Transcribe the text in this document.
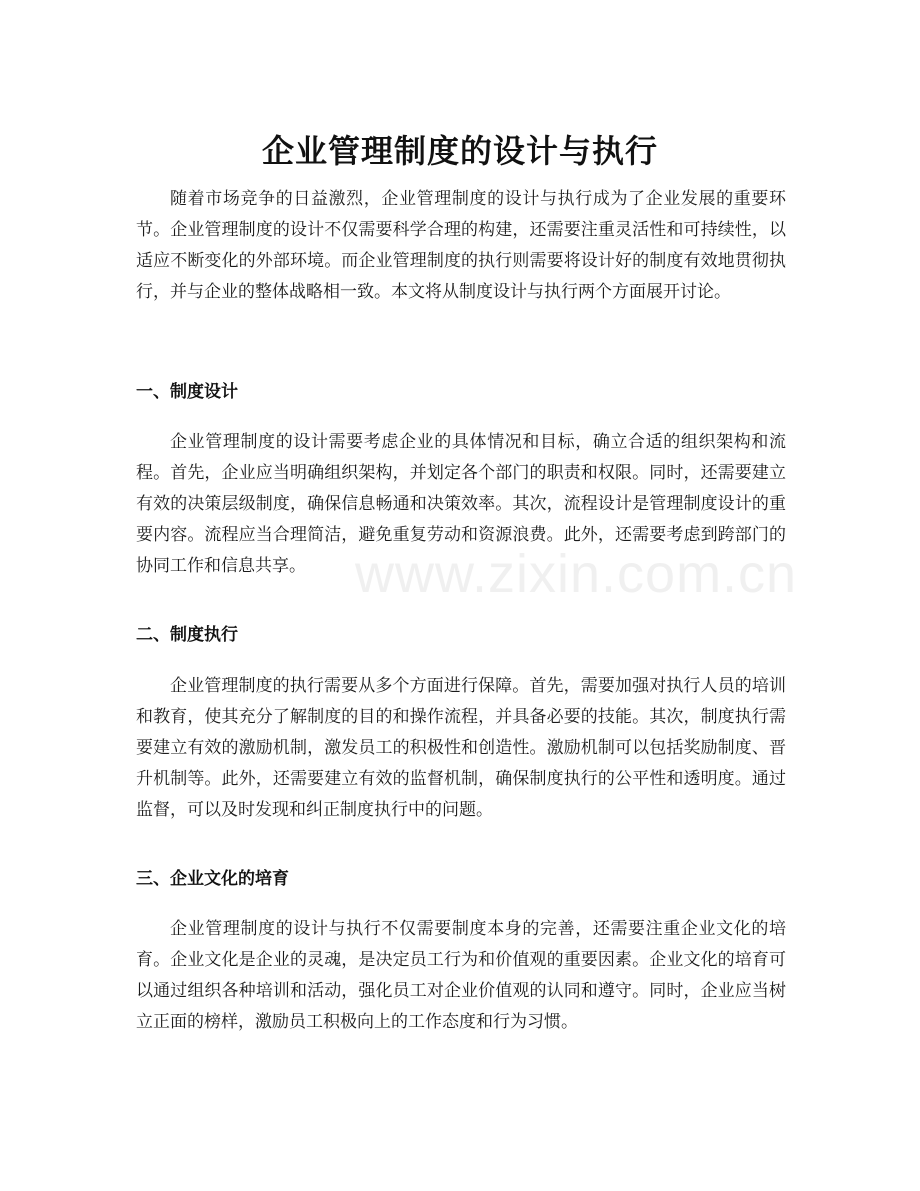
企业管理制度的设计与执行

随着市场竞争的日益激烈，企业管理制度的设计与执行成为了企业发展的重要环节。企业管理制度的设计不仅需要科学合理的构建，还需要注重灵活性和可持续性，以适应不断变化的外部环境。而企业管理制度的执行则需要将设计好的制度有效地贯彻执行，并与企业的整体战略相一致。本文将从制度设计与执行两个方面展开讨论。

一、制度设计

企业管理制度的设计需要考虑企业的具体情况和目标，确立合适的组织架构和流程。首先，企业应当明确组织架构，并划定各个部门的职责和权限。同时，还需要建立有效的决策层级制度，确保信息畅通和决策效率。其次，流程设计是管理制度设计的重要内容。流程应当合理简洁，避免重复劳动和资源浪费。此外，还需要考虑到跨部门的协同工作和信息共享。

二、制度执行

企业管理制度的执行需要从多个方面进行保障。首先，需要加强对执行人员的培训和教育，使其充分了解制度的目的和操作流程，并具备必要的技能。其次，制度执行需要建立有效的激励机制，激发员工的积极性和创造性。激励机制可以包括奖励制度、晋升机制等。此外，还需要建立有效的监督机制，确保制度执行的公平性和透明度。通过监督，可以及时发现和纠正制度执行中的问题。

三、企业文化的培育

企业管理制度的设计与执行不仅需要制度本身的完善，还需要注重企业文化的培育。企业文化是企业的灵魂，是决定员工行为和价值观的重要因素。企业文化的培育可以通过组织各种培训和活动，强化员工对企业价值观的认同和遵守。同时，企业应当树立正面的榜样，激励员工积极向上的工作态度和行为习惯。

www.zixin.com.cn
